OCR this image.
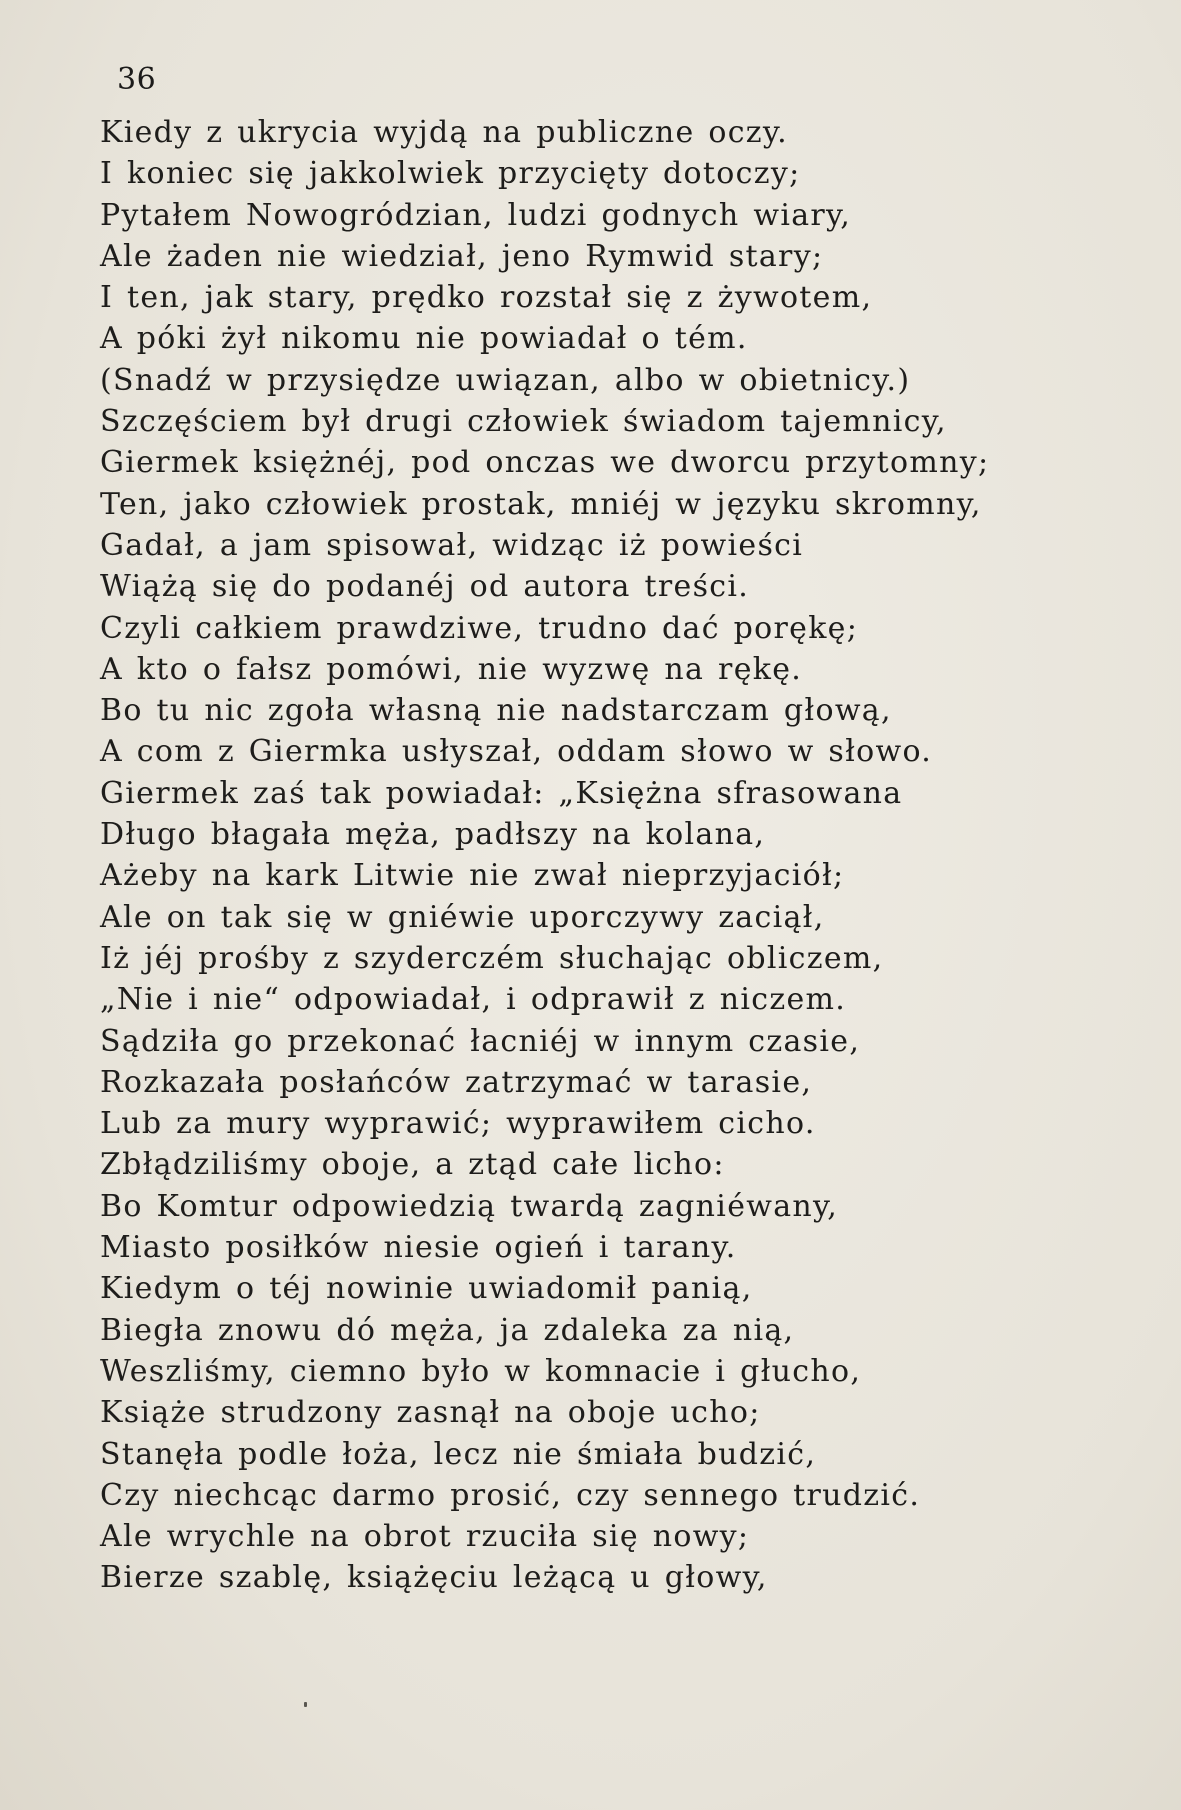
36
Kiedy z ukrycia wyjdą na publiczne oczy.
I koniec się jakkolwiek przycięty dotoczy;
Pytałem Nowogródzian, ludzi godnych wiary,
Ale żaden nie wiedział, jeno Rymwid stary;
I ten, jak stary, prędko rozstał się z żywotem,
A póki żył nikomu nie powiadał o tém.
(Snadź w przysiędze uwiązan, albo w obietnicy.)
Szczęściem był drugi człowiek świadom tajemnicy,
Giermek księżnéj, pod onczas we dworcu przytomny;
Ten, jako człowiek prostak, mniéj w języku skromny,
Gadał, a jam spisował, widząc iż powieści
Wiążą się do podanéj od autora treści.
Czyli całkiem prawdziwe, trudno dać porękę;
A kto o fałsz pomówi, nie wyzwę na rękę.
Bo tu nic zgoła własną nie nadstarczam głową,
A com z Giermka usłyszał, oddam słowo w słowo.
Giermek zaś tak powiadał: „Księżna sfrasowana
Długo błagała męża, padłszy na kolana,
Ażeby na kark Litwie nie zwał nieprzyjaciół;
Ale on tak się w gniéwie uporczywy zaciął,
Iż jéj prośby z szyderczém słuchając obliczem,
„Nie i nie“ odpowiadał, i odprawił z niczem.
Sądziła go przekonać łacniéj w innym czasie,
Rozkazała posłańców zatrzymać w tarasie,
Lub za mury wyprawić; wyprawiłem cicho.
Zbłądziliśmy oboje, a ztąd całe licho:
Bo Komtur odpowiedzią twardą zagniéwany,
Miasto posiłków niesie ogień i tarany.
Kiedym o téj nowinie uwiadomił panią,
Biegła znowu dó męża, ja zdaleka za nią,
Weszliśmy, ciemno było w komnacie i głucho,
Książe strudzony zasnął na oboje ucho;
Stanęła podle łoża, lecz nie śmiała budzić,
Czy niechcąc darmo prosić, czy sennego trudzić.
Ale wrychle na obrot rzuciła się nowy;
Bierze szablę, książęciu leżącą u głowy,
